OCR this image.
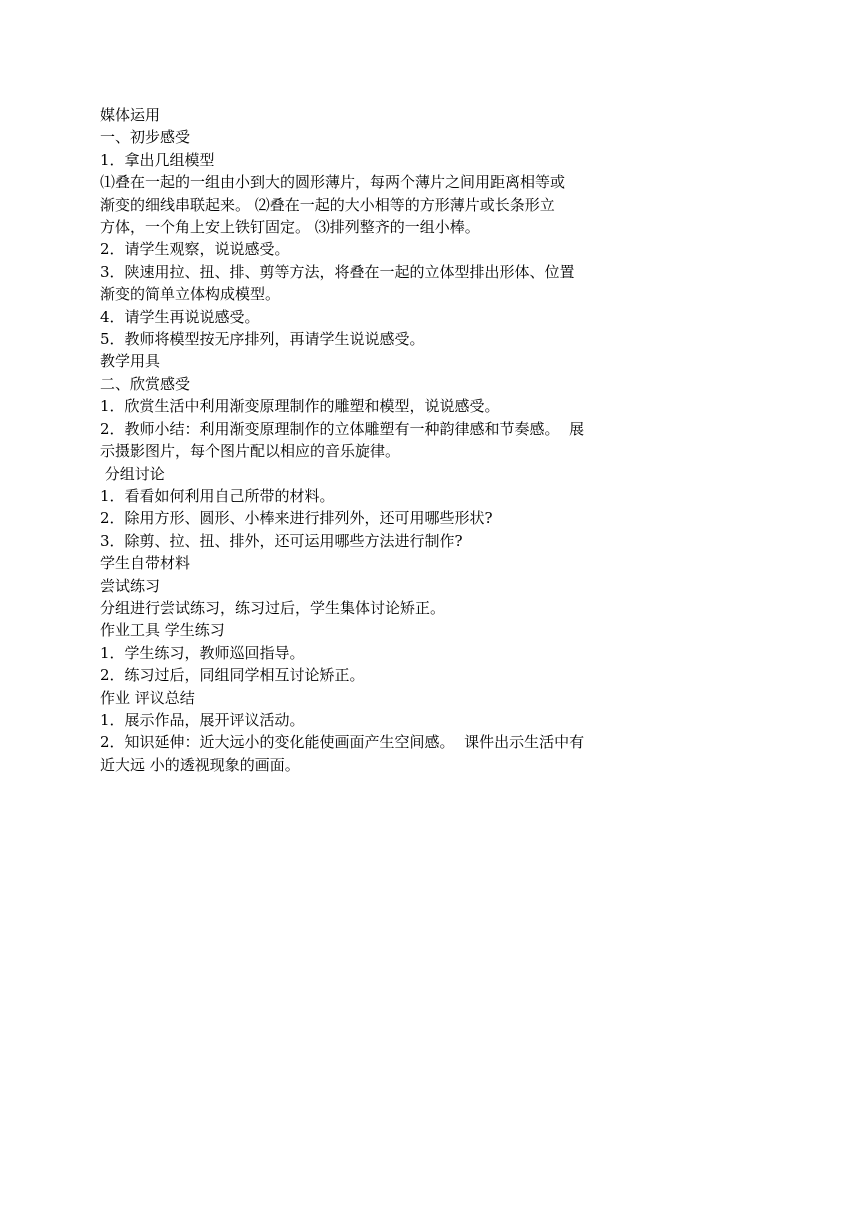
媒体运用
一、初步感受
1．拿出几组模型
⑴叠在一起的一组由小到大的圆形薄片，每两个薄片之间用距离相等或
渐变的细线串联起来。 ⑵叠在一起的大小相等的方形薄片或长条形立
方体，一个角上安上铁钉固定。 ⑶排列整齐的一组小棒。
2．请学生观察，说说感受。
3．陕速用拉、扭、排、剪等方法，将叠在一起的立体型排出形体、位置
渐变的简单立体构成模型。
4．请学生再说说感受。
5．教师将模型按无序排列，再请学生说说感受。
教学用具
二、欣赏感受
1．欣赏生活中利用渐变原理制作的雕塑和模型，说说感受。
2．教师小结：利用渐变原理制作的立体雕塑有一种韵律感和节奏感。  展
示摄影图片，每个图片配以相应的音乐旋律。
分组讨论
1．看看如何利用自己所带的材料。
2．除用方形、圆形、小棒来进行排列外，还可用哪些形状?
3．除剪、拉、扭、排外，还可运用哪些方法进行制作?
学生自带材料
尝试练习
分组进行尝试练习，练习过后，学生集体讨论矫正。
作业工具 学生练习
1．学生练习，教师巡回指导。
2．练习过后，同组同学相互讨论矫正。
作业 评议总结
1．展示作品，展开评议活动。
2．知识延伸：近大远小的变化能使画面产生空间感。  课件出示生活中有
近大远 小的透视现象的画面。
